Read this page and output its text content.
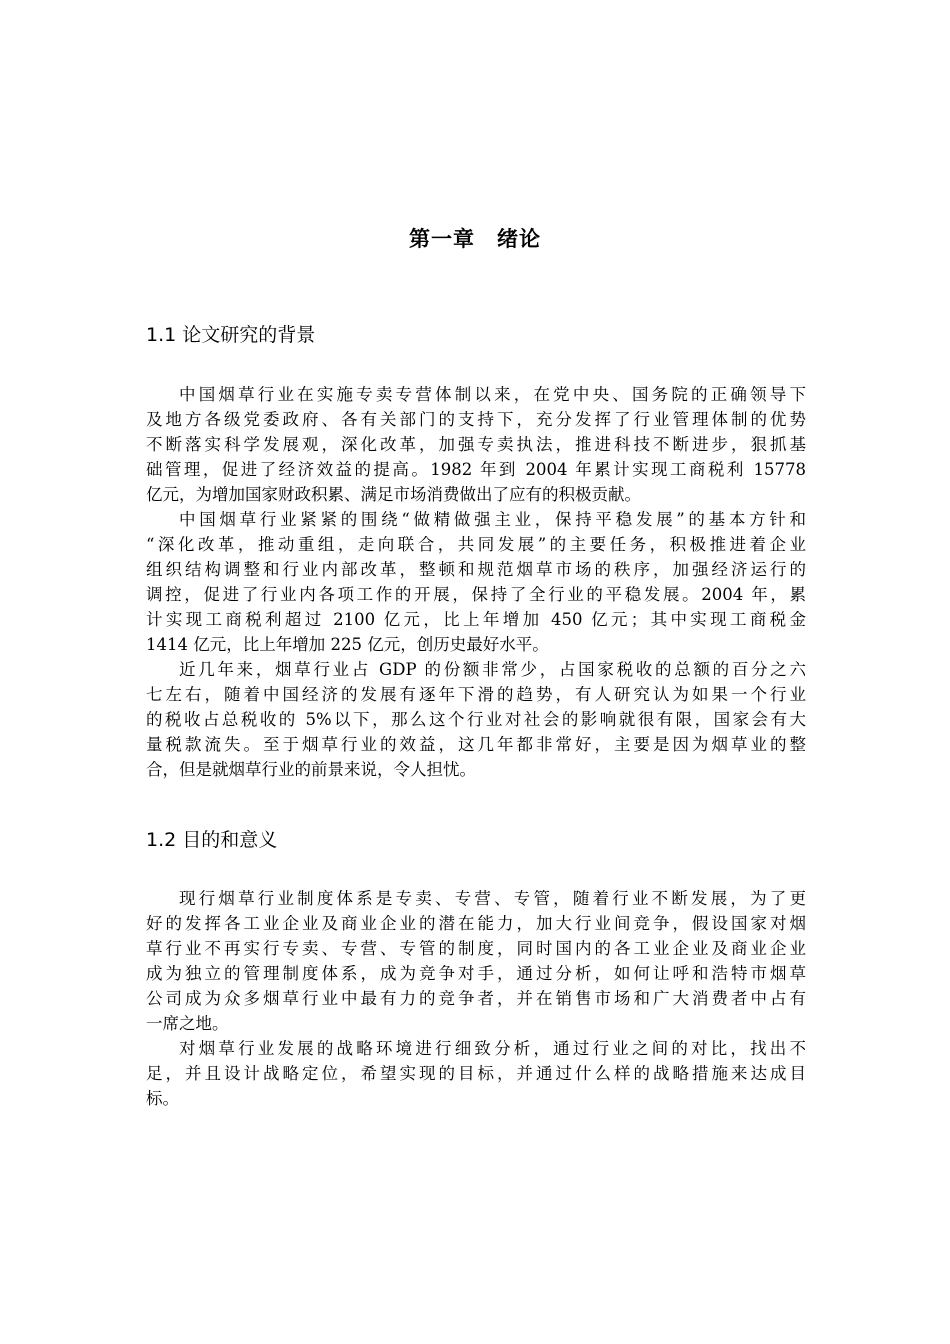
第一章　绪论
1.1 论文研究的背景
中国烟草行业在实施专卖专营体制以来，在党中央、国务院的正确领导下
及地方各级党委政府、各有关部门的支持下，充分发挥了行业管理体制的优势
不断落实科学发展观，深化改革，加强专卖执法，推进科技不断进步，狠抓基
础管理，促进了经济效益的提高。1982 年到 2004 年累计实现工商税利 15778
亿元，为增加国家财政积累、满足市场消费做出了应有的积极贡献。
中国烟草行业紧紧的围绕“做精做强主业，保持平稳发展”的基本方针和
“深化改革，推动重组，走向联合，共同发展”的主要任务，积极推进着企业
组织结构调整和行业内部改革，整顿和规范烟草市场的秩序，加强经济运行的
调控，促进了行业内各项工作的开展，保持了全行业的平稳发展。2004 年，累
计实现工商税利超过 2100 亿元，比上年增加 450 亿元；其中实现工商税金
1414 亿元，比上年增加 225 亿元，创历史最好水平。
近几年来，烟草行业占 GDP 的份额非常少，占国家税收的总额的百分之六
七左右，随着中国经济的发展有逐年下滑的趋势，有人研究认为如果一个行业
的税收占总税收的 5%以下，那么这个行业对社会的影响就很有限，国家会有大
量税款流失。至于烟草行业的效益，这几年都非常好，主要是因为烟草业的整
合，但是就烟草行业的前景来说，令人担忧。
1.2 目的和意义
现行烟草行业制度体系是专卖、专营、专管，随着行业不断发展，为了更
好的发挥各工业企业及商业企业的潜在能力，加大行业间竞争，假设国家对烟
草行业不再实行专卖、专营、专管的制度，同时国内的各工业企业及商业企业
成为独立的管理制度体系，成为竞争对手，通过分析，如何让呼和浩特市烟草
公司成为众多烟草行业中最有力的竞争者，并在销售市场和广大消费者中占有
一席之地。
对烟草行业发展的战略环境进行细致分析，通过行业之间的对比，找出不
足，并且设计战略定位，希望实现的目标，并通过什么样的战略措施来达成目
标。
